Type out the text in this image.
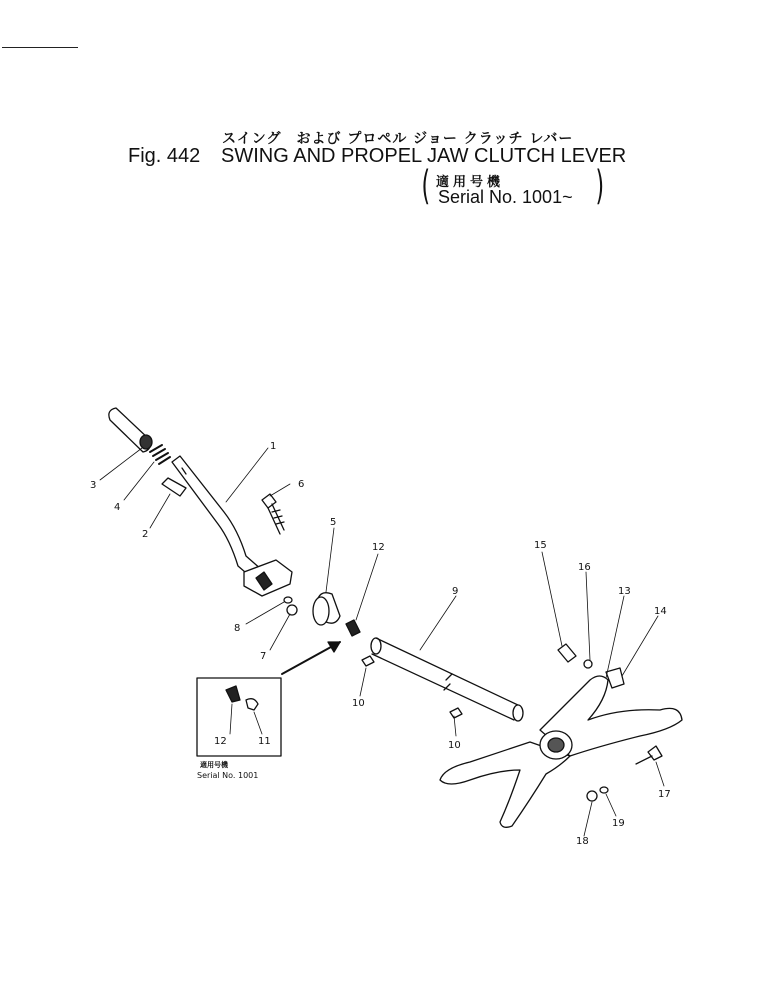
スイング　および プロペル ジョー クラッチ レバー
Fig. 442 SWING AND PROPEL JAW CLUTCH LEVER
( 適用号機
Serial No. 1001~ )
1
2
3
4
5
6
7
8
9
10
10
12
13
14
15
16
17
18
19
12	11
適用号機
Serial No. 1001
